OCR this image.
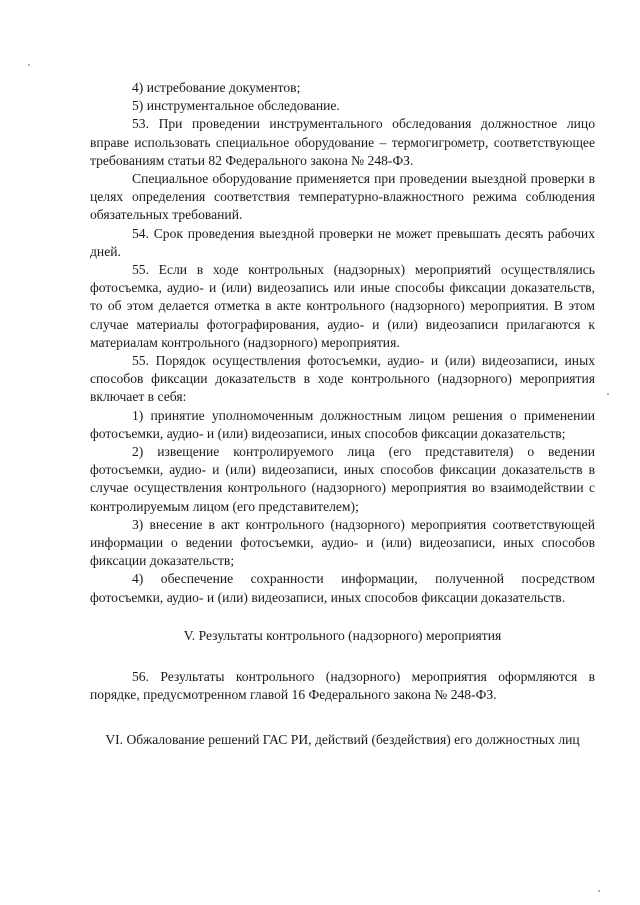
4) истребование документов;

5) инструментальное обследование.

53. При проведении инструментального обследования должностное лицо вправе использовать специальное оборудование – термогигрометр, соответствующее требованиям статьи 82 Федерального закона № 248-ФЗ.

Специальное оборудование применяется при проведении выездной проверки в целях определения соответствия температурно-влажностного режима соблюдения обязательных требований.

54. Срок проведения выездной проверки не может превышать десять рабочих дней.

55. Если в ходе контрольных (надзорных) мероприятий осуществлялись фотосъемка, аудио- и (или) видеозапись или иные способы фиксации доказательств, то об этом делается отметка в акте контрольного (надзорного) мероприятия. В этом случае материалы фотографирования, аудио- и (или) видеозаписи прилагаются к материалам контрольного (надзорного) мероприятия.

55. Порядок осуществления фотосъемки, аудио- и (или) видеозаписи, иных способов фиксации доказательств в ходе контрольного (надзорного) мероприятия включает в себя:

1) принятие уполномоченным должностным лицом решения о применении фотосъемки, аудио- и (или) видеозаписи, иных способов фиксации доказательств;

2) извещение контролируемого лица (его представителя) о ведении фотосъемки, аудио- и (или) видеозаписи, иных способов фиксации доказательств в случае осуществления контрольного (надзорного) мероприятия во взаимодействии с контролируемым лицом (его представителем);

3) внесение в акт контрольного (надзорного) мероприятия соответствующей информации о ведении фотосъемки, аудио- и (или) видеозаписи, иных способов фиксации доказательств;

4) обеспечение сохранности информации, полученной посредством фотосъемки, аудио- и (или) видеозаписи, иных способов фиксации доказательств.

V. Результаты контрольного (надзорного) мероприятия

56. Результаты контрольного (надзорного) мероприятия оформляются в порядке, предусмотренном главой 16 Федерального закона № 248-ФЗ.

VI. Обжалование решений ГАС РИ, действий (бездействия) его должностных лиц
